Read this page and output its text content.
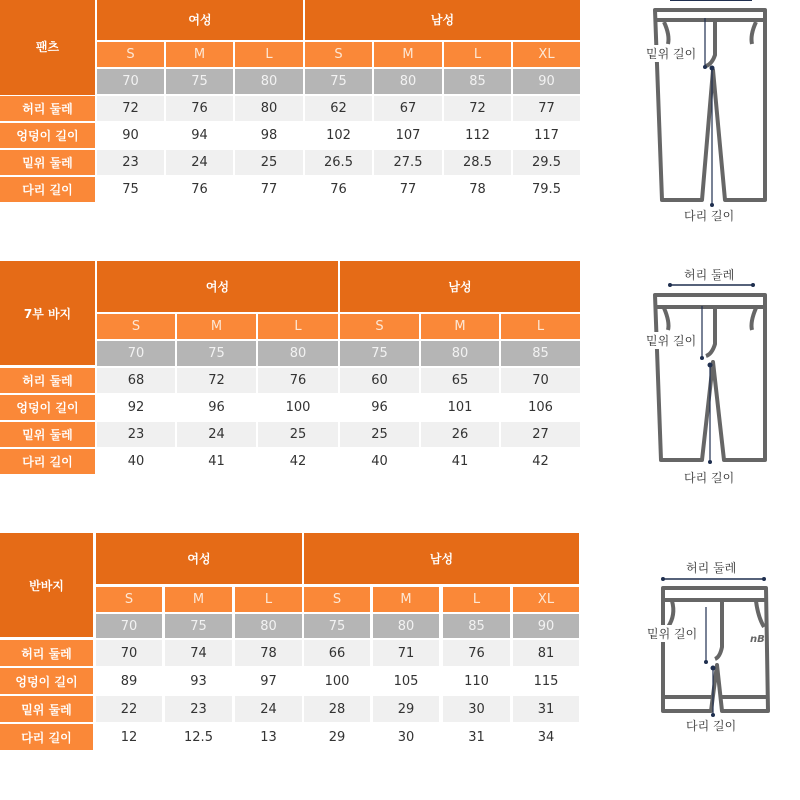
팬츠
여성	남성
S	M	L	S	M	L	XL
70	75	80	75	80	85	90
허리 둘레	72	76	80	62	67	72	77
엉덩이 길이	90	94	98	102	107	112	117
밑위 둘레	23	24	25	26.5	27.5	28.5	29.5
다리 길이	75	76	77	76	77	78	79.5
7부 바지
여성	남성
S	M	L	S	M	L
70	75	80	75	80	85
허리 둘레	68	72	76	60	65	70
엉덩이 길이	92	96	100	96	101	106
밑위 둘레	23	24	25	25	26	27
다리 길이	40	41	42	40	41	42
반바지
여성	남성
S	M	L	S	M	L	XL
70	75	80	75	80	85	90
허리 둘레	70	74	78	66	71	76	81
엉덩이 길이	89	93	97	100	105	110	115
밑위 둘레	22	23	24	28	29	30	31
다리 길이	12	12.5	13	29	30	31	34
밑위 길이
다리 길이
허리 둘레
밑위 길이
다리 길이
허리 둘레
nB
밑위 길이
다리 길이
